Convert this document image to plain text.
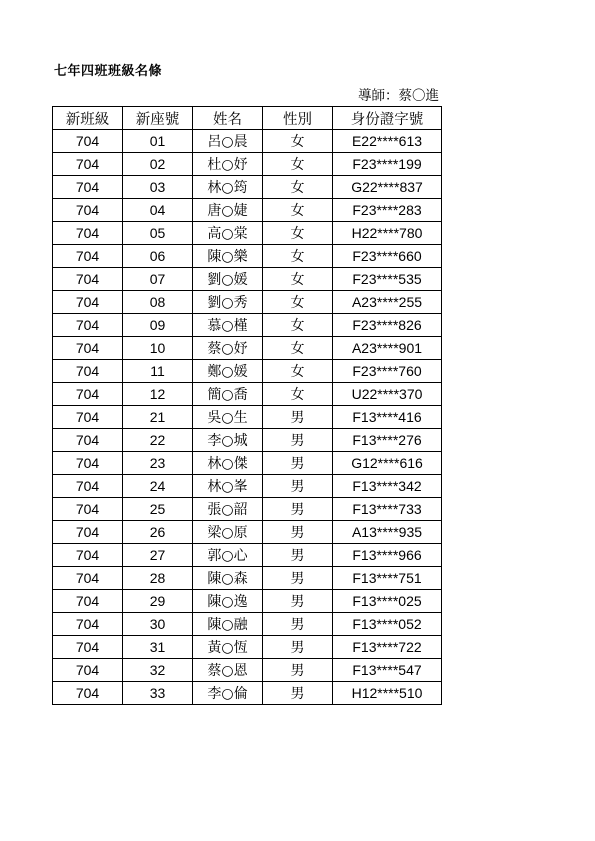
七年四班班級名條
導師：蔡〇進
新班級	新座號	姓名	性別	身份證字號
704	01	呂○晨	女	E22****613
704	02	杜○妤	女	F23****199
704	03	林○筠	女	G22****837
704	04	唐○婕	女	F23****283
704	05	高○棠	女	H22****780
704	06	陳○樂	女	F23****660
704	07	劉○媛	女	F23****535
704	08	劉○秀	女	A23****255
704	09	慕○槿	女	F23****826
704	10	蔡○妤	女	A23****901
704	11	鄭○媛	女	F23****760
704	12	簡○喬	女	U22****370
704	21	吳○生	男	F13****416
704	22	李○城	男	F13****276
704	23	林○傑	男	G12****616
704	24	林○峯	男	F13****342
704	25	張○韶	男	F13****733
704	26	梁○原	男	A13****935
704	27	郭○心	男	F13****966
704	28	陳○森	男	F13****751
704	29	陳○逸	男	F13****025
704	30	陳○融	男	F13****052
704	31	黃○恆	男	F13****722
704	32	蔡○恩	男	F13****547
704	33	李○倫	男	H12****510
